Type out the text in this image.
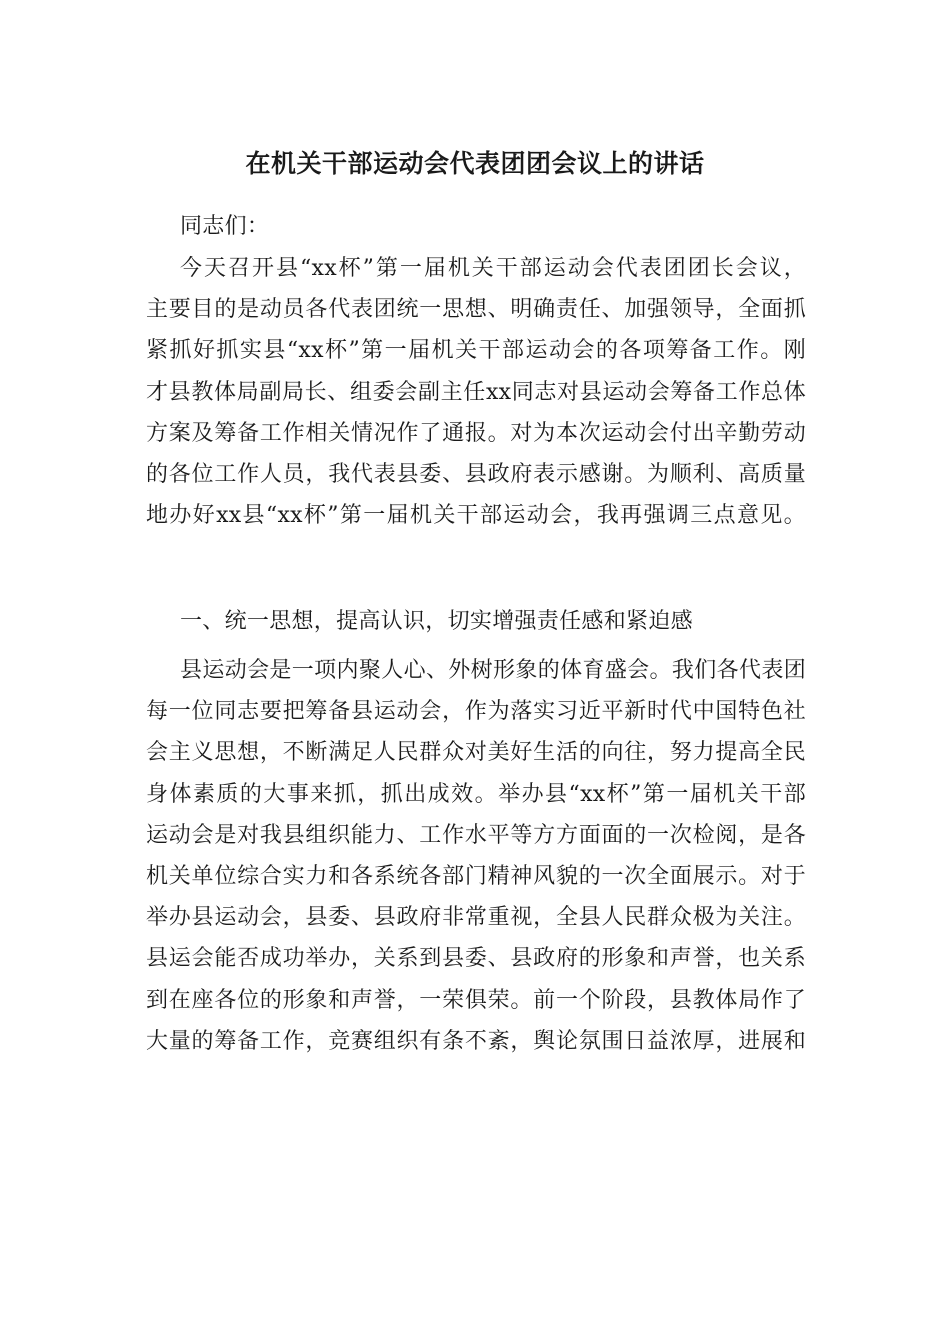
在机关干部运动会代表团团会议上的讲话
同志们：
今天召开县“xx杯”第一届机关干部运动会代表团团长会议，
主要目的是动员各代表团统一思想、明确责任、加强领导，全面抓
紧抓好抓实县“xx杯”第一届机关干部运动会的各项筹备工作。刚
才县教体局副局长、组委会副主任xx同志对县运动会筹备工作总体
方案及筹备工作相关情况作了通报。对为本次运动会付出辛勤劳动
的各位工作人员，我代表县委、县政府表示感谢。为顺利、高质量
地办好xx县“xx杯”第一届机关干部运动会，我再强调三点意见。
一、统一思想，提高认识，切实增强责任感和紧迫感
县运动会是一项内聚人心、外树形象的体育盛会。我们各代表团
每一位同志要把筹备县运动会，作为落实习近平新时代中国特色社
会主义思想，不断满足人民群众对美好生活的向往，努力提高全民
身体素质的大事来抓，抓出成效。举办县“xx杯”第一届机关干部
运动会是对我县组织能力、工作水平等方方面面的一次检阅，是各
机关单位综合实力和各系统各部门精神风貌的一次全面展示。对于
举办县运动会，县委、县政府非常重视，全县人民群众极为关注。
县运会能否成功举办，关系到县委、县政府的形象和声誉，也关系
到在座各位的形象和声誉，一荣俱荣。前一个阶段，县教体局作了
大量的筹备工作，竞赛组织有条不紊，舆论氛围日益浓厚，进展和
